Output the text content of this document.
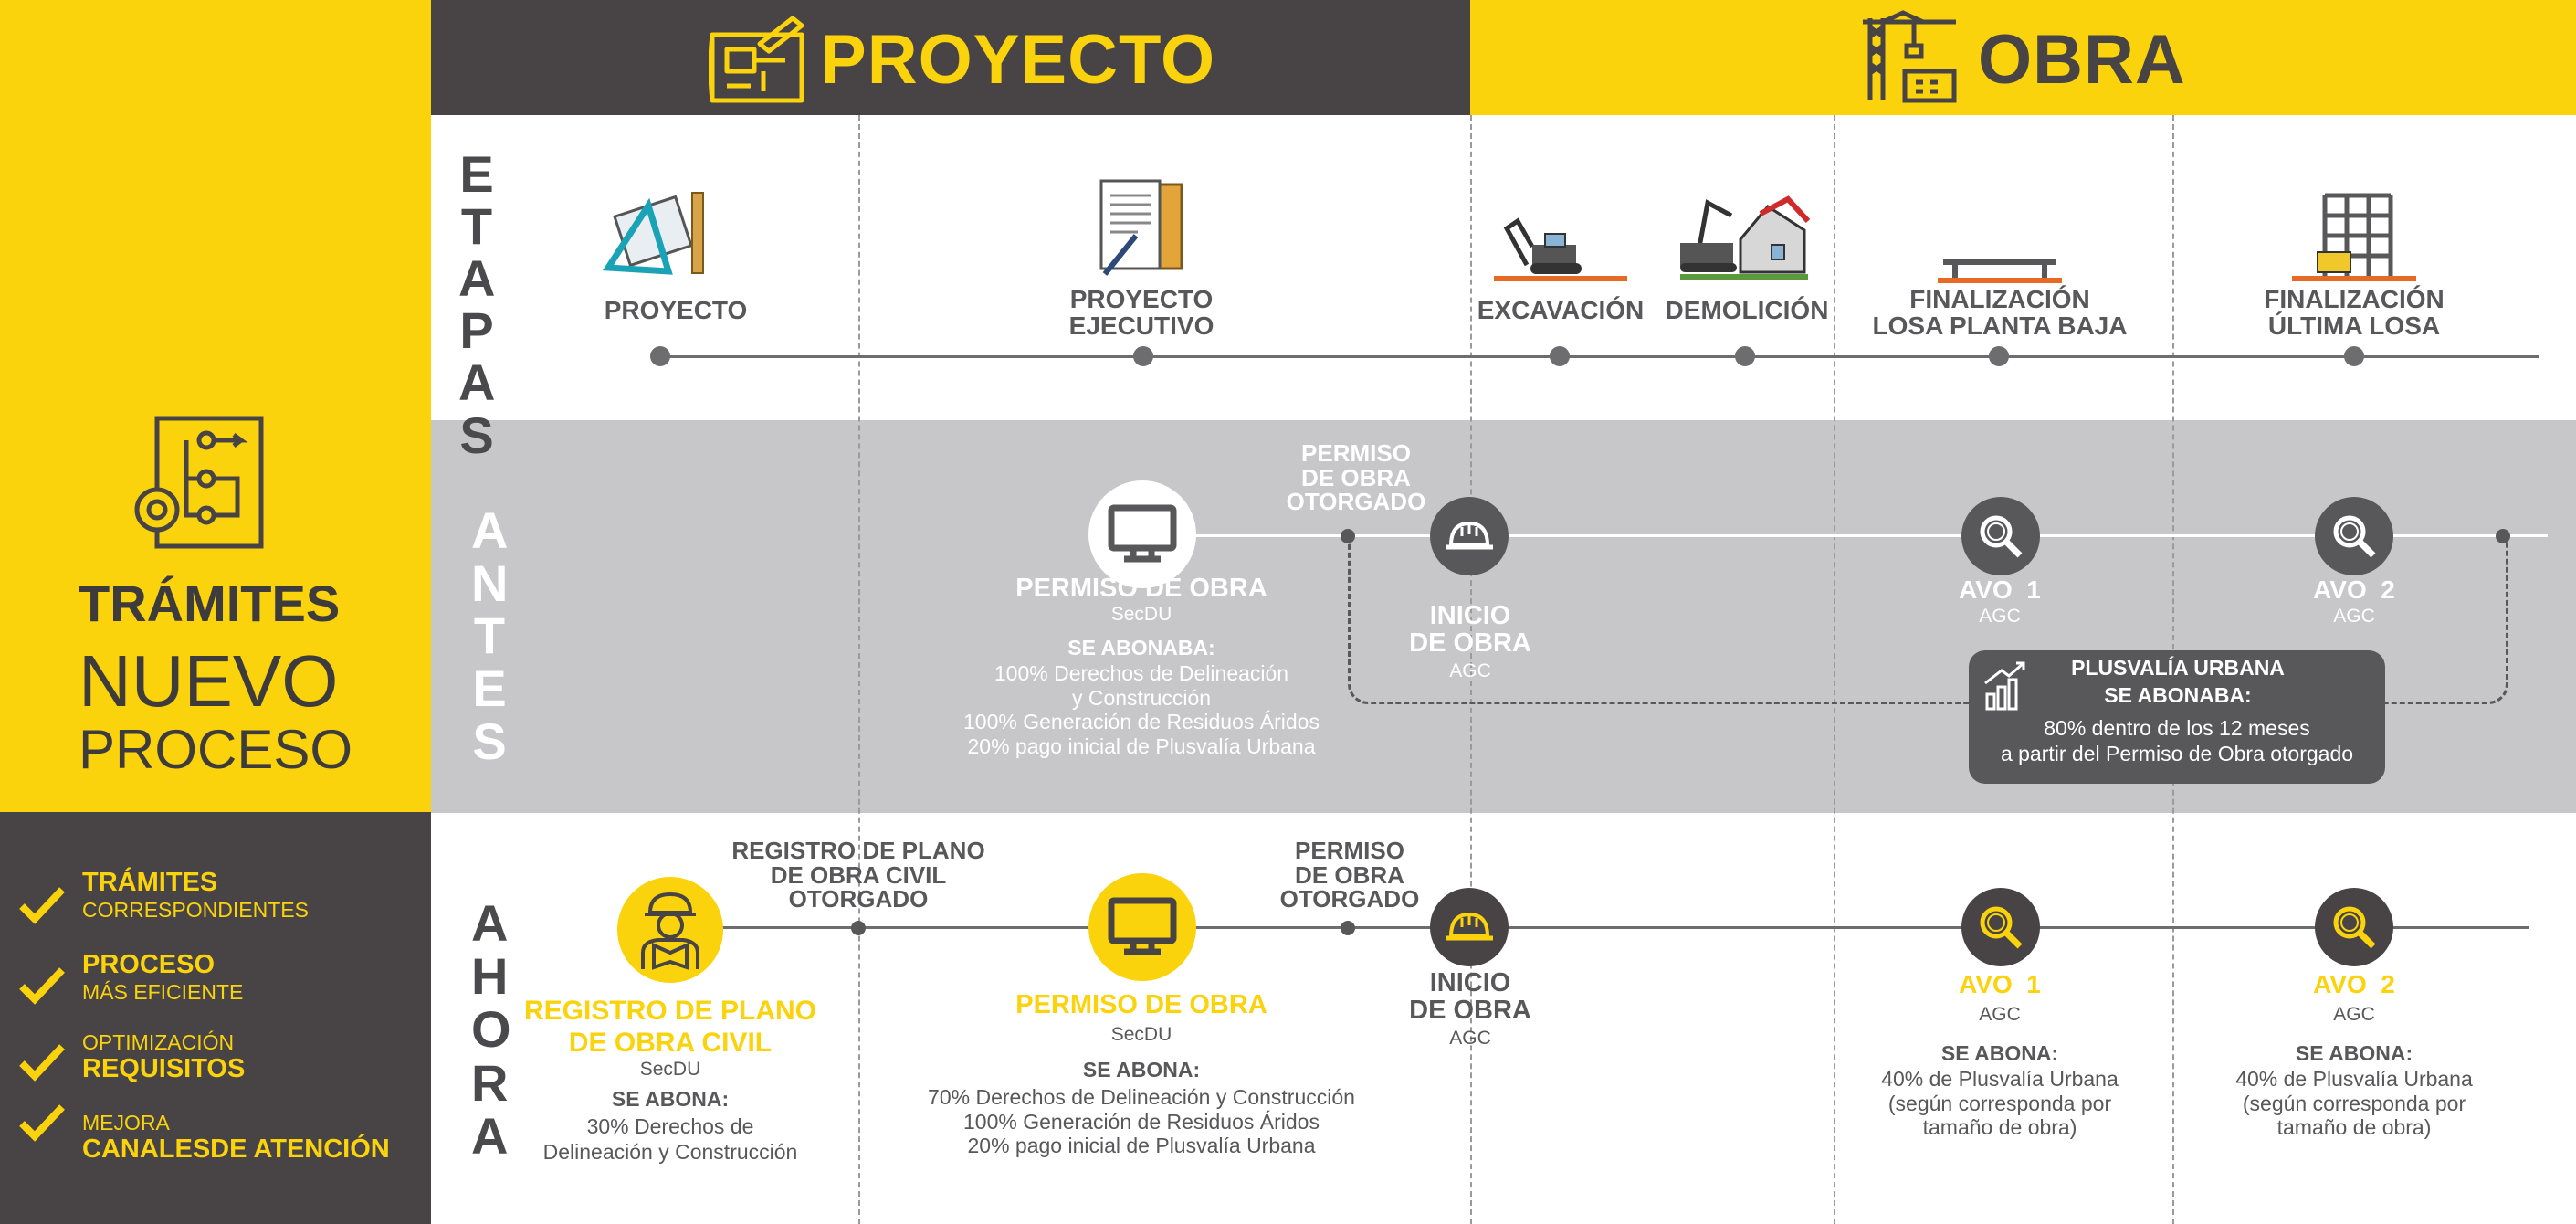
PROYECTO	OBRA
TRÁMITES
NUEVO
PROCESO
TRÁMITES
CORRESPONDIENTES
PROCESO
MÁS EFICIENTE
OPTIMIZACIÓN
REQUISITOS
MEJORA
CANALESDE ATENCIÓN
ETAPAS
ANTES
AHORA
PROYECTO	PROYECTO
EJECUTIVO
EXCAVACIÓN DEMOLICIÓN	FINALIZACIÓN
LOSA PLANTA BAJA
FINALIZACIÓN
ÚLTIMA LOSA
PERMISO DE OBRA
SecDU
SE ABONABA:
100% Derechos de Delineación
y Construcción
100% Generación de Residuos Áridos
20% pago inicial de Plusvalía Urbana
PERMISO
DE OBRA
OTORGADO
INICIO
DE OBRA
AGC
AVO  1
AGC
AVO  2
AGC
PLUSVALÍA URBANA
SE ABONABA:
80% dentro de los 12 meses
a partir del Permiso de Obra otorgado
REGISTRO DE PLANO
DE OBRA CIVIL
OTORGADO
PERMISO
DE OBRA
OTORGADO
REGISTRO DE PLANO
DE OBRA CIVIL
SecDU
SE ABONA:
30% Derechos de
Delineación y Construcción
PERMISO DE OBRA
SecDU
SE ABONA:
70% Derechos de Delineación y Construcción
100% Generación de Residuos Áridos
20% pago inicial de Plusvalía Urbana
INICIO
DE OBRA
AGC
AVO  1
AGC
SE ABONA:
40% de Plusvalía Urbana
(según corresponda por
tamaño de obra)
AVO  2
AGC
SE ABONA:
40% de Plusvalía Urbana
(según corresponda por
tamaño de obra)
